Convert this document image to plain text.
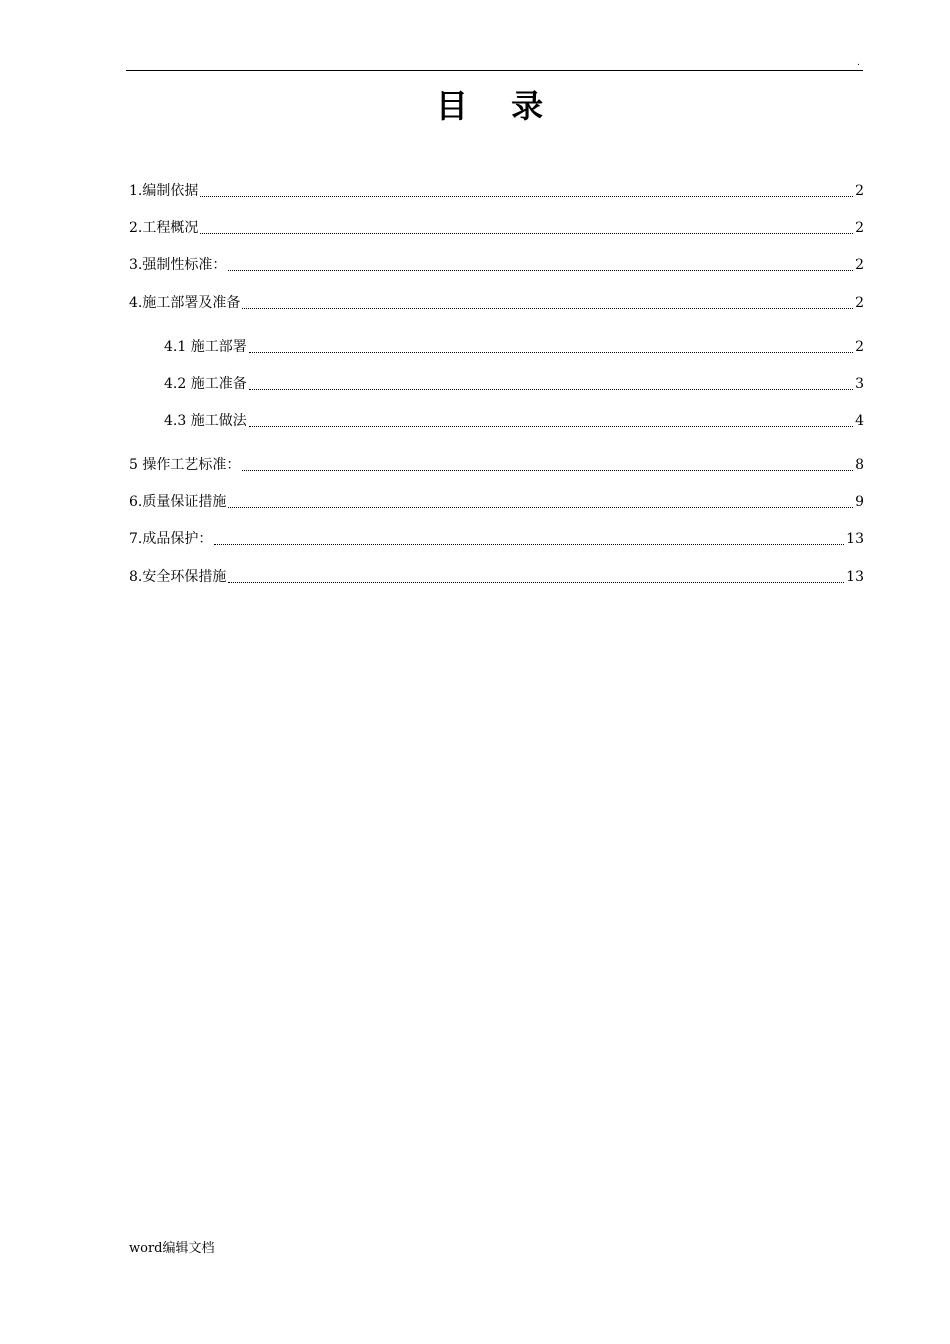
.
目 录
1.编制依据	2
2.工程概况	2
3.强制性标准：	2
4.施工部署及准备	2
4.1 施工部署	2
4.2 施工准备	3
4.3 施工做法	4
5 操作工艺标准：	8
6.质量保证措施	9
7.成品保护：	13
8.安全环保措施	13
word编辑文档
